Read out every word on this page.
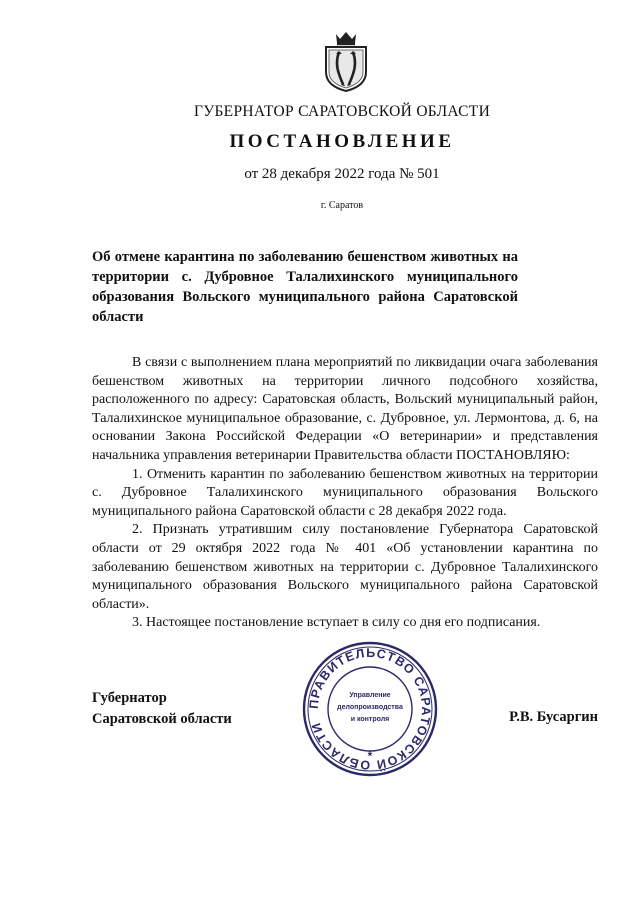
ГУБЕРНАТОР САРАТОВСКОЙ ОБЛАСТИ
ПОСТАНОВЛЕНИЕ
от 28 декабря 2022 года № 501
г. Саратов
Об отмене карантина по заболеванию бешенством животных на территории с. Дубровное Талалихинского муниципального образования Вольского муниципального района Саратовской области

В связи с выполнением плана мероприятий по ликвидации очага заболевания бешенством животных на территории личного подсобного хозяйства, расположенного по адресу: Саратовская область, Вольский муниципальный район, Талалихинское муниципальное образование, с. Дубровное, ул. Лермонтова, д. 6, на основании Закона Российской Федерации «О ветеринарии» и представления начальника управления ветеринарии Правительства области ПОСТАНОВЛЯЮ:

1. Отменить карантин по заболеванию бешенством животных на территории с. Дубровное Талалихинского муниципального образования Вольского муниципального района Саратовской области с 28 декабря 2022 года.

2. Признать утратившим силу постановление Губернатора Саратовской области от 29 октября 2022 года № 401 «Об установлении карантина по заболеванию бешенством животных на территории с. Дубровное Талалихинского муниципального образования Вольского муниципального района Саратовской области».

3. Настоящее постановление вступает в силу со дня его подписания.

Губернатор
Саратовской области
ПРАВИТЕЛЬСТВО САРАТОВСКОЙ ОБЛАСТИ
Управление
делопроизводства
и контроля
*
Р.В. Бусаргин
